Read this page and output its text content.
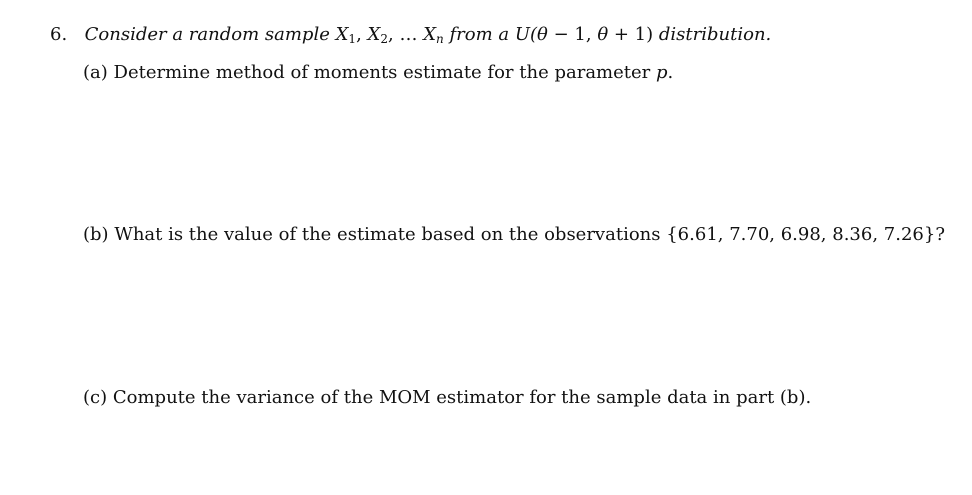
6. Consider a random sample $X_1$, $X_2$, … $X_n$ from a U(θ − 1, θ + 1) distribution.
(a) Determine method of moments estimate for the parameter p.
(b) What is the value of the estimate based on the observations {6.61, 7.70, 6.98, 8.36, 7.26}?
(c) Compute the variance of the MOM estimator for the sample data in part (b).
